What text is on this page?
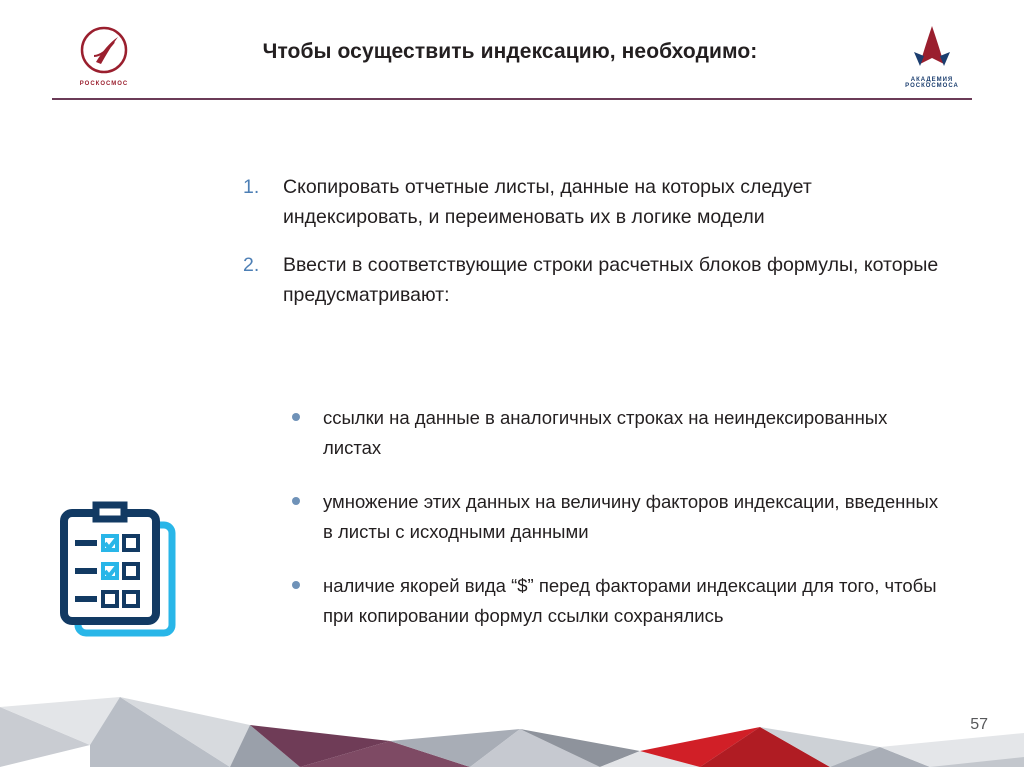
РОСКОСМОС
Чтобы осуществить индексацию, необходимо:
АКАДЕМИЯ РОСКОСМОСА
1. Скопировать отчетные листы, данные на которых следует индексировать, и переименовать их в логике модели
2. Ввести в соответствующие строки расчетных блоков формулы, которые предусматривают:
ссылки на данные в аналогичных строках на неиндексированных листах
умножение этих данных на величину факторов индексации, введенных в листы с исходными данными
наличие якорей вида “$” перед факторами индексации для того, чтобы при копировании формул ссылки сохранялись
57
